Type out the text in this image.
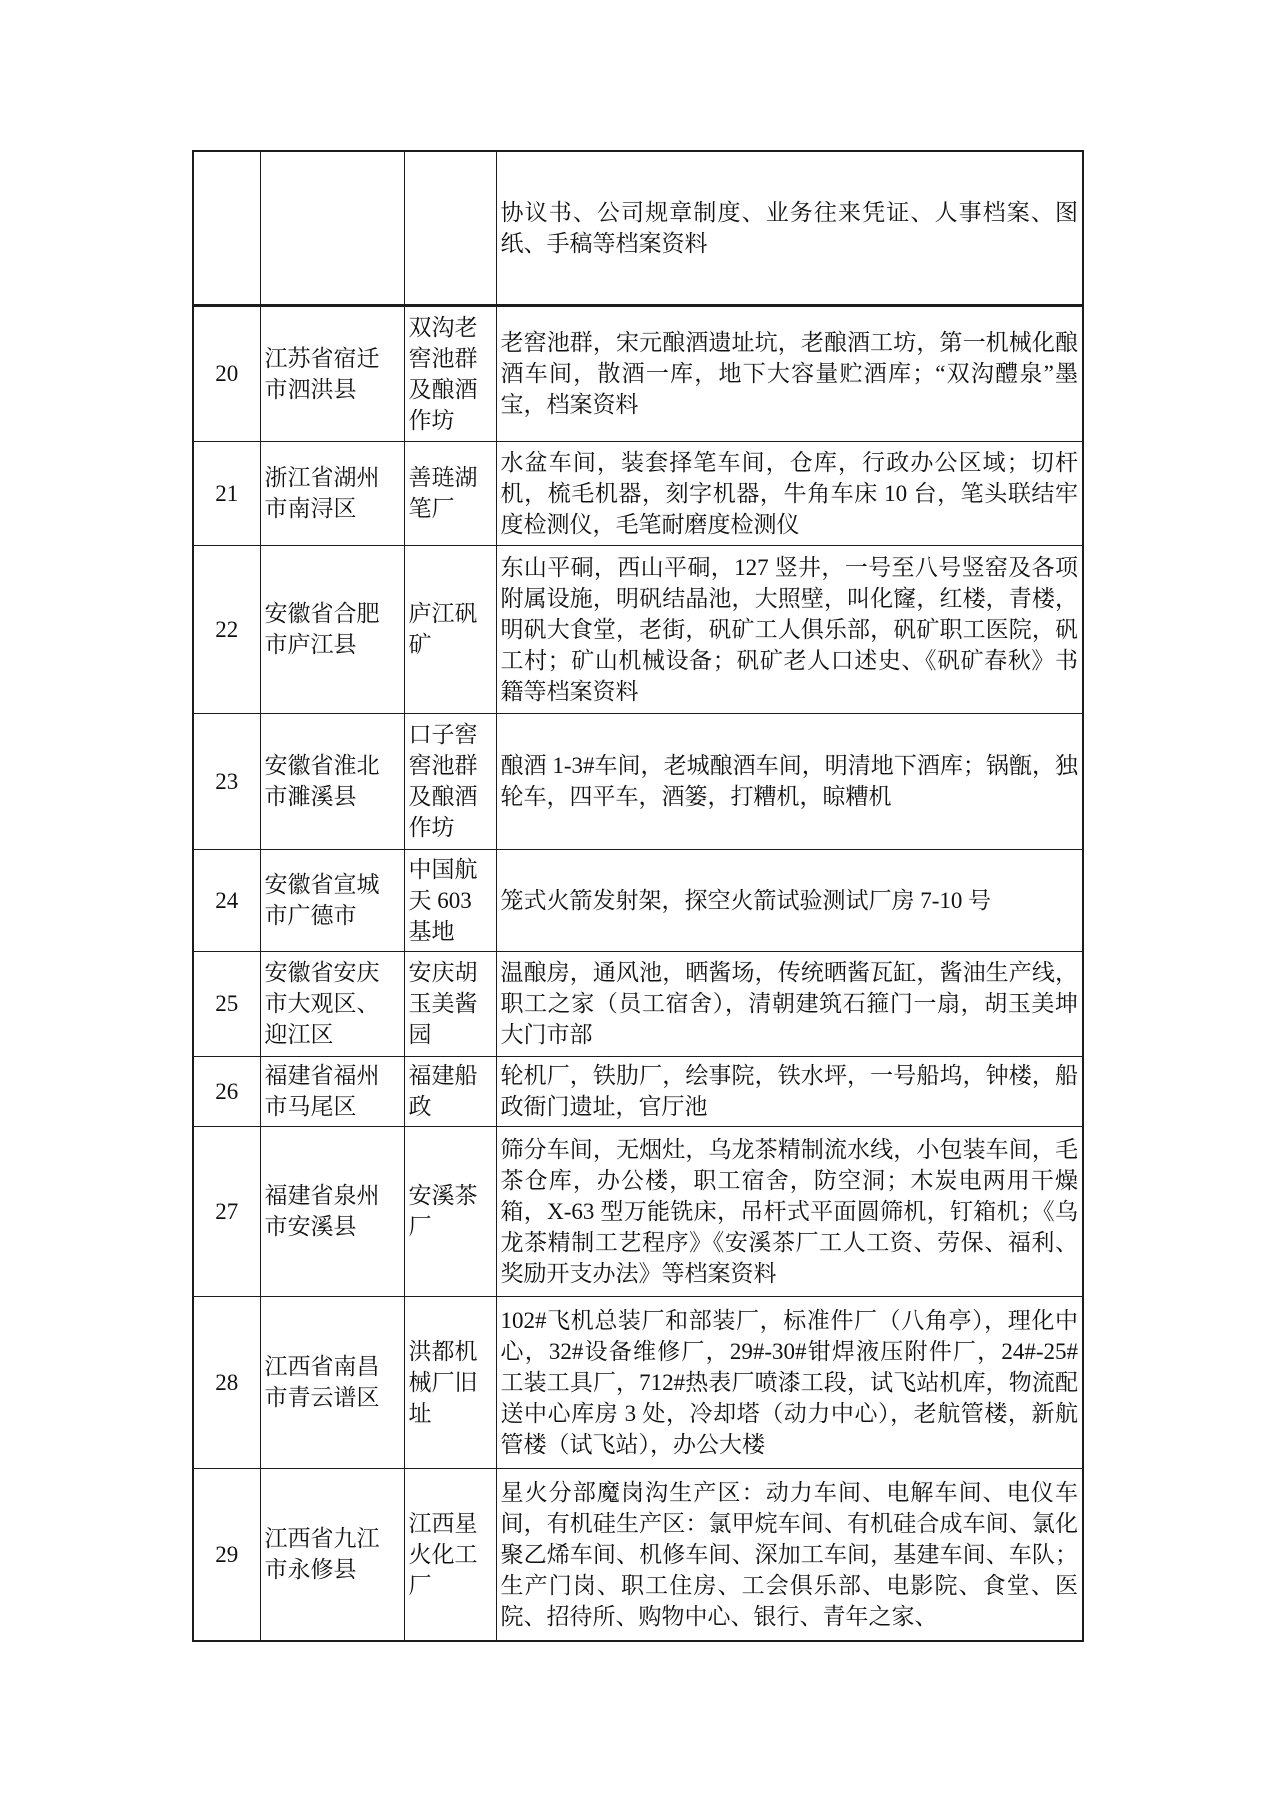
			协议书、公司规章制度、业务往来凭证、人事档案、图纸、手稿等档案资料
20	江苏省宿迁市泗洪县	双沟老窖池群及酿酒作坊	老窖池群，宋元酿酒遗址坑，老酿酒工坊，第一机械化酿酒车间，散酒一库，地下大容量贮酒库；“双沟醴泉”墨宝，档案资料
21	浙江省湖州市南浔区	善琏湖笔厂	水盆车间，装套择笔车间，仓库，行政办公区域；切杆机，梳毛机器，刻字机器，牛角车床 10 台，笔头联结牢度检测仪，毛笔耐磨度检测仪
22	安徽省合肥市庐江县	庐江矾矿	东山平硐，西山平硐，127 竖井，一号至八号竖窑及各项附属设施，明矾结晶池，大照壁，叫化窿，红楼，青楼，明矾大食堂，老街，矾矿工人俱乐部，矾矿职工医院，矾工村；矿山机械设备；矾矿老人口述史、《矾矿春秋》书籍等档案资料
23	安徽省淮北市濉溪县	口子窖窖池群及酿酒作坊	酿酒 1-3#车间，老城酿酒车间，明清地下酒库；锅甑，独轮车，四平车，酒篓，打糟机，晾糟机
24	安徽省宣城市广德市	中国航天 603 基地	笼式火箭发射架，探空火箭试验测试厂房 7-10 号
25	安徽省安庆市大观区、迎江区	安庆胡玉美酱园	温酿房，通风池，晒酱场，传统晒酱瓦缸，酱油生产线，职工之家（员工宿舍），清朝建筑石箍门一扇，胡玉美坤大门市部
26	福建省福州市马尾区	福建船政	轮机厂，铁肋厂，绘事院，铁水坪，一号船坞，钟楼，船政衙门遗址，官厅池
27	福建省泉州市安溪县	安溪茶厂	筛分车间，无烟灶，乌龙茶精制流水线，小包装车间，毛茶仓库，办公楼，职工宿舍，防空洞；木炭电两用干燥箱，X-63 型万能铣床，吊杆式平面圆筛机，钉箱机；《乌龙茶精制工艺程序》《安溪茶厂工人工资、劳保、福利、奖励开支办法》等档案资料
28	江西省南昌市青云谱区	洪都机械厂旧址	102#飞机总装厂和部装厂，标准件厂（八角亭），理化中心，32#设备维修厂，29#-30#钳焊液压附件厂，24#-25#工装工具厂，712#热表厂喷漆工段，试飞站机库，物流配送中心库房 3 处，冷却塔（动力中心），老航管楼，新航管楼（试飞站），办公大楼
29	江西省九江市永修县	江西星火化工厂	星火分部魔岗沟生产区：动力车间、电解车间、电仪车间，有机硅生产区：氯甲烷车间、有机硅合成车间、氯化聚乙烯车间、机修车间、深加工车间，基建车间、车队；生产门岗、职工住房、工会俱乐部、电影院、食堂、医院、招待所、购物中心、银行、青年之家、
